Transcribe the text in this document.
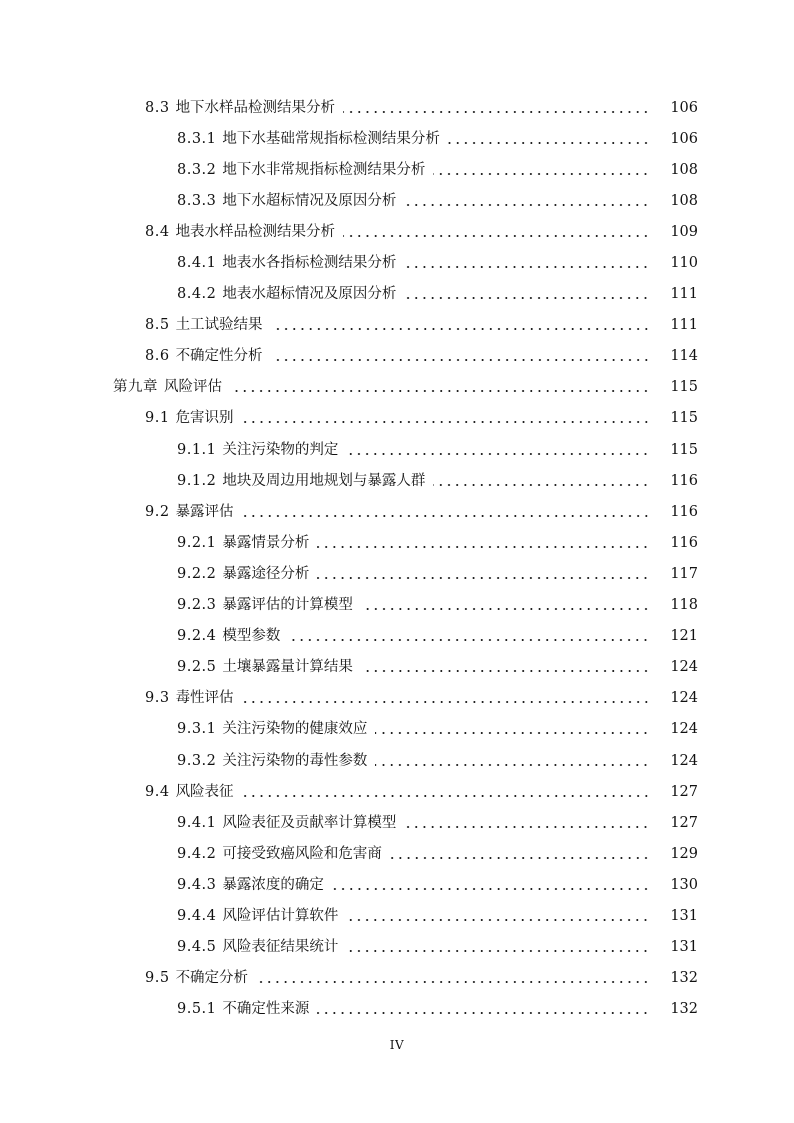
8.3 地下水样品检测结果分析	106
8.3.1 地下水基础常规指标检测结果分析	106
8.3.2 地下水非常规指标检测结果分析	108
8.3.3 地下水超标情况及原因分析	108
8.4 地表水样品检测结果分析	109
8.4.1 地表水各指标检测结果分析	110
8.4.2 地表水超标情况及原因分析	111
8.5 土工试验结果	111
8.6 不确定性分析	114
第九章 风险评估	115
9.1 危害识别	115
9.1.1 关注污染物的判定	115
9.1.2 地块及周边用地规划与暴露人群	116
9.2 暴露评估	116
9.2.1 暴露情景分析	116
9.2.2 暴露途径分析	117
9.2.3 暴露评估的计算模型	118
9.2.4 模型参数	121
9.2.5 土壤暴露量计算结果	124
9.3 毒性评估	124
9.3.1 关注污染物的健康效应	124
9.3.2 关注污染物的毒性参数	124
9.4 风险表征	127
9.4.1 风险表征及贡献率计算模型	127
9.4.2 可接受致癌风险和危害商	129
9.4.3 暴露浓度的确定	130
9.4.4 风险评估计算软件	131
9.4.5 风险表征结果统计	131
9.5 不确定分析	132
9.5.1 不确定性来源	132
IV
